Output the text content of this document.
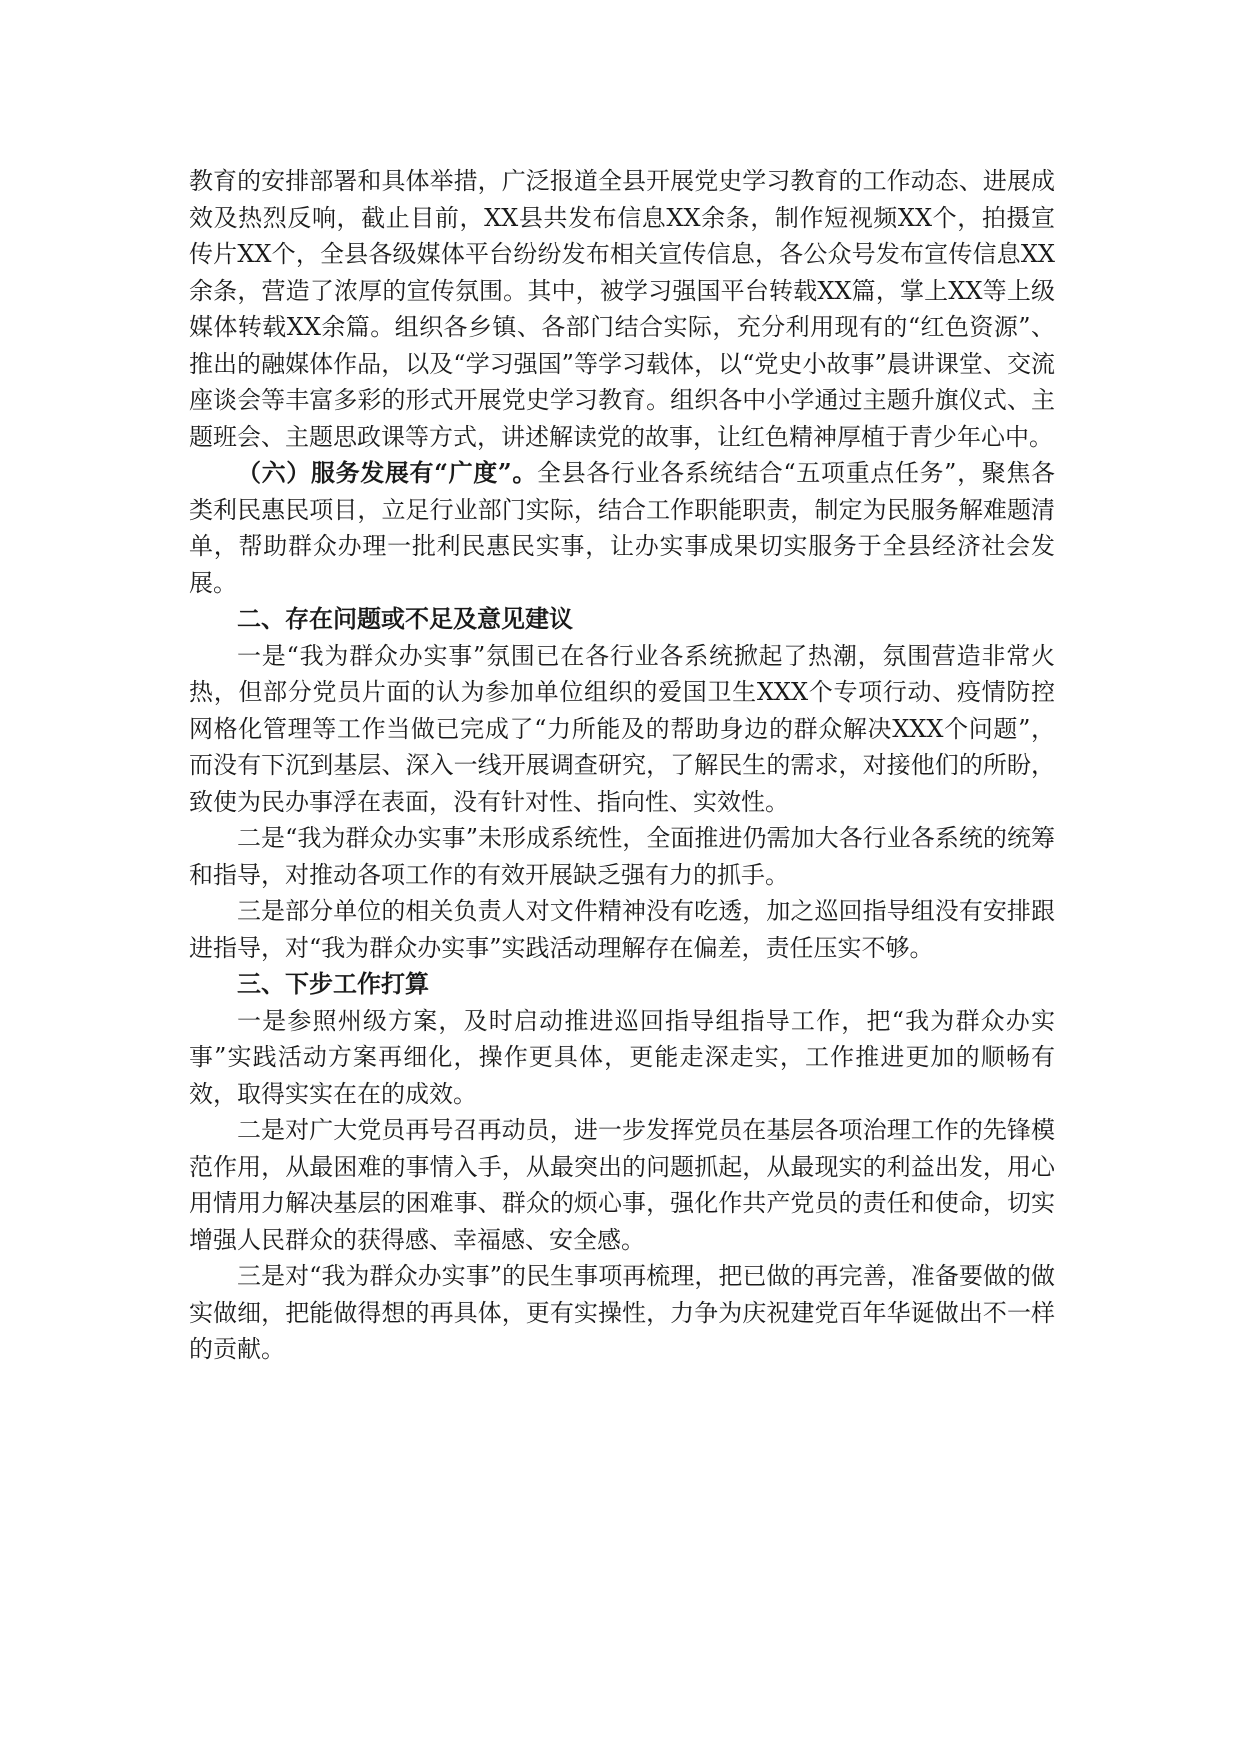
教育的安排部署和具体举措，广泛报道全县开展党史学习教育的工作动态、进展成效及热烈反响，截止目前，XX县共发布信息XX余条，制作短视频XX个，拍摄宣传片XX个，全县各级媒体平台纷纷发布相关宣传信息，各公众号发布宣传信息XX余条，营造了浓厚的宣传氛围。其中，被学习强国平台转载XX篇，掌上XX等上级媒体转载XX余篇。组织各乡镇、各部门结合实际，充分利用现有的“红色资源”、推出的融媒体作品，以及“学习强国”等学习载体，以“党史小故事”晨讲课堂、交流座谈会等丰富多彩的形式开展党史学习教育。组织各中小学通过主题升旗仪式、主题班会、主题思政课等方式，讲述解读党的故事，让红色精神厚植于青少年心中。

（六）服务发展有“广度”。全县各行业各系统结合“五项重点任务”，聚焦各类利民惠民项目，立足行业部门实际，结合工作职能职责，制定为民服务解难题清单，帮助群众办理一批利民惠民实事，让办实事成果切实服务于全县经济社会发展。

二、存在问题或不足及意见建议

一是“我为群众办实事”氛围已在各行业各系统掀起了热潮，氛围营造非常火热，但部分党员片面的认为参加单位组织的爱国卫生XXX个专项行动、疫情防控网格化管理等工作当做已完成了“力所能及的帮助身边的群众解决XXX个问题”，而没有下沉到基层、深入一线开展调查研究，了解民生的需求，对接他们的所盼，致使为民办事浮在表面，没有针对性、指向性、实效性。

二是“我为群众办实事”未形成系统性，全面推进仍需加大各行业各系统的统筹和指导，对推动各项工作的有效开展缺乏强有力的抓手。

三是部分单位的相关负责人对文件精神没有吃透，加之巡回指导组没有安排跟进指导，对“我为群众办实事”实践活动理解存在偏差，责任压实不够。

三、下步工作打算

一是参照州级方案，及时启动推进巡回指导组指导工作，把“我为群众办实事”实践活动方案再细化，操作更具体，更能走深走实，工作推进更加的顺畅有效，取得实实在在的成效。

二是对广大党员再号召再动员，进一步发挥党员在基层各项治理工作的先锋模范作用，从最困难的事情入手，从最突出的问题抓起，从最现实的利益出发，用心用情用力解决基层的困难事、群众的烦心事，强化作共产党员的责任和使命，切实增强人民群众的获得感、幸福感、安全感。

三是对“我为群众办实事”的民生事项再梳理，把已做的再完善，准备要做的做实做细，把能做得想的再具体，更有实操性，力争为庆祝建党百年华诞做出不一样的贡献。
